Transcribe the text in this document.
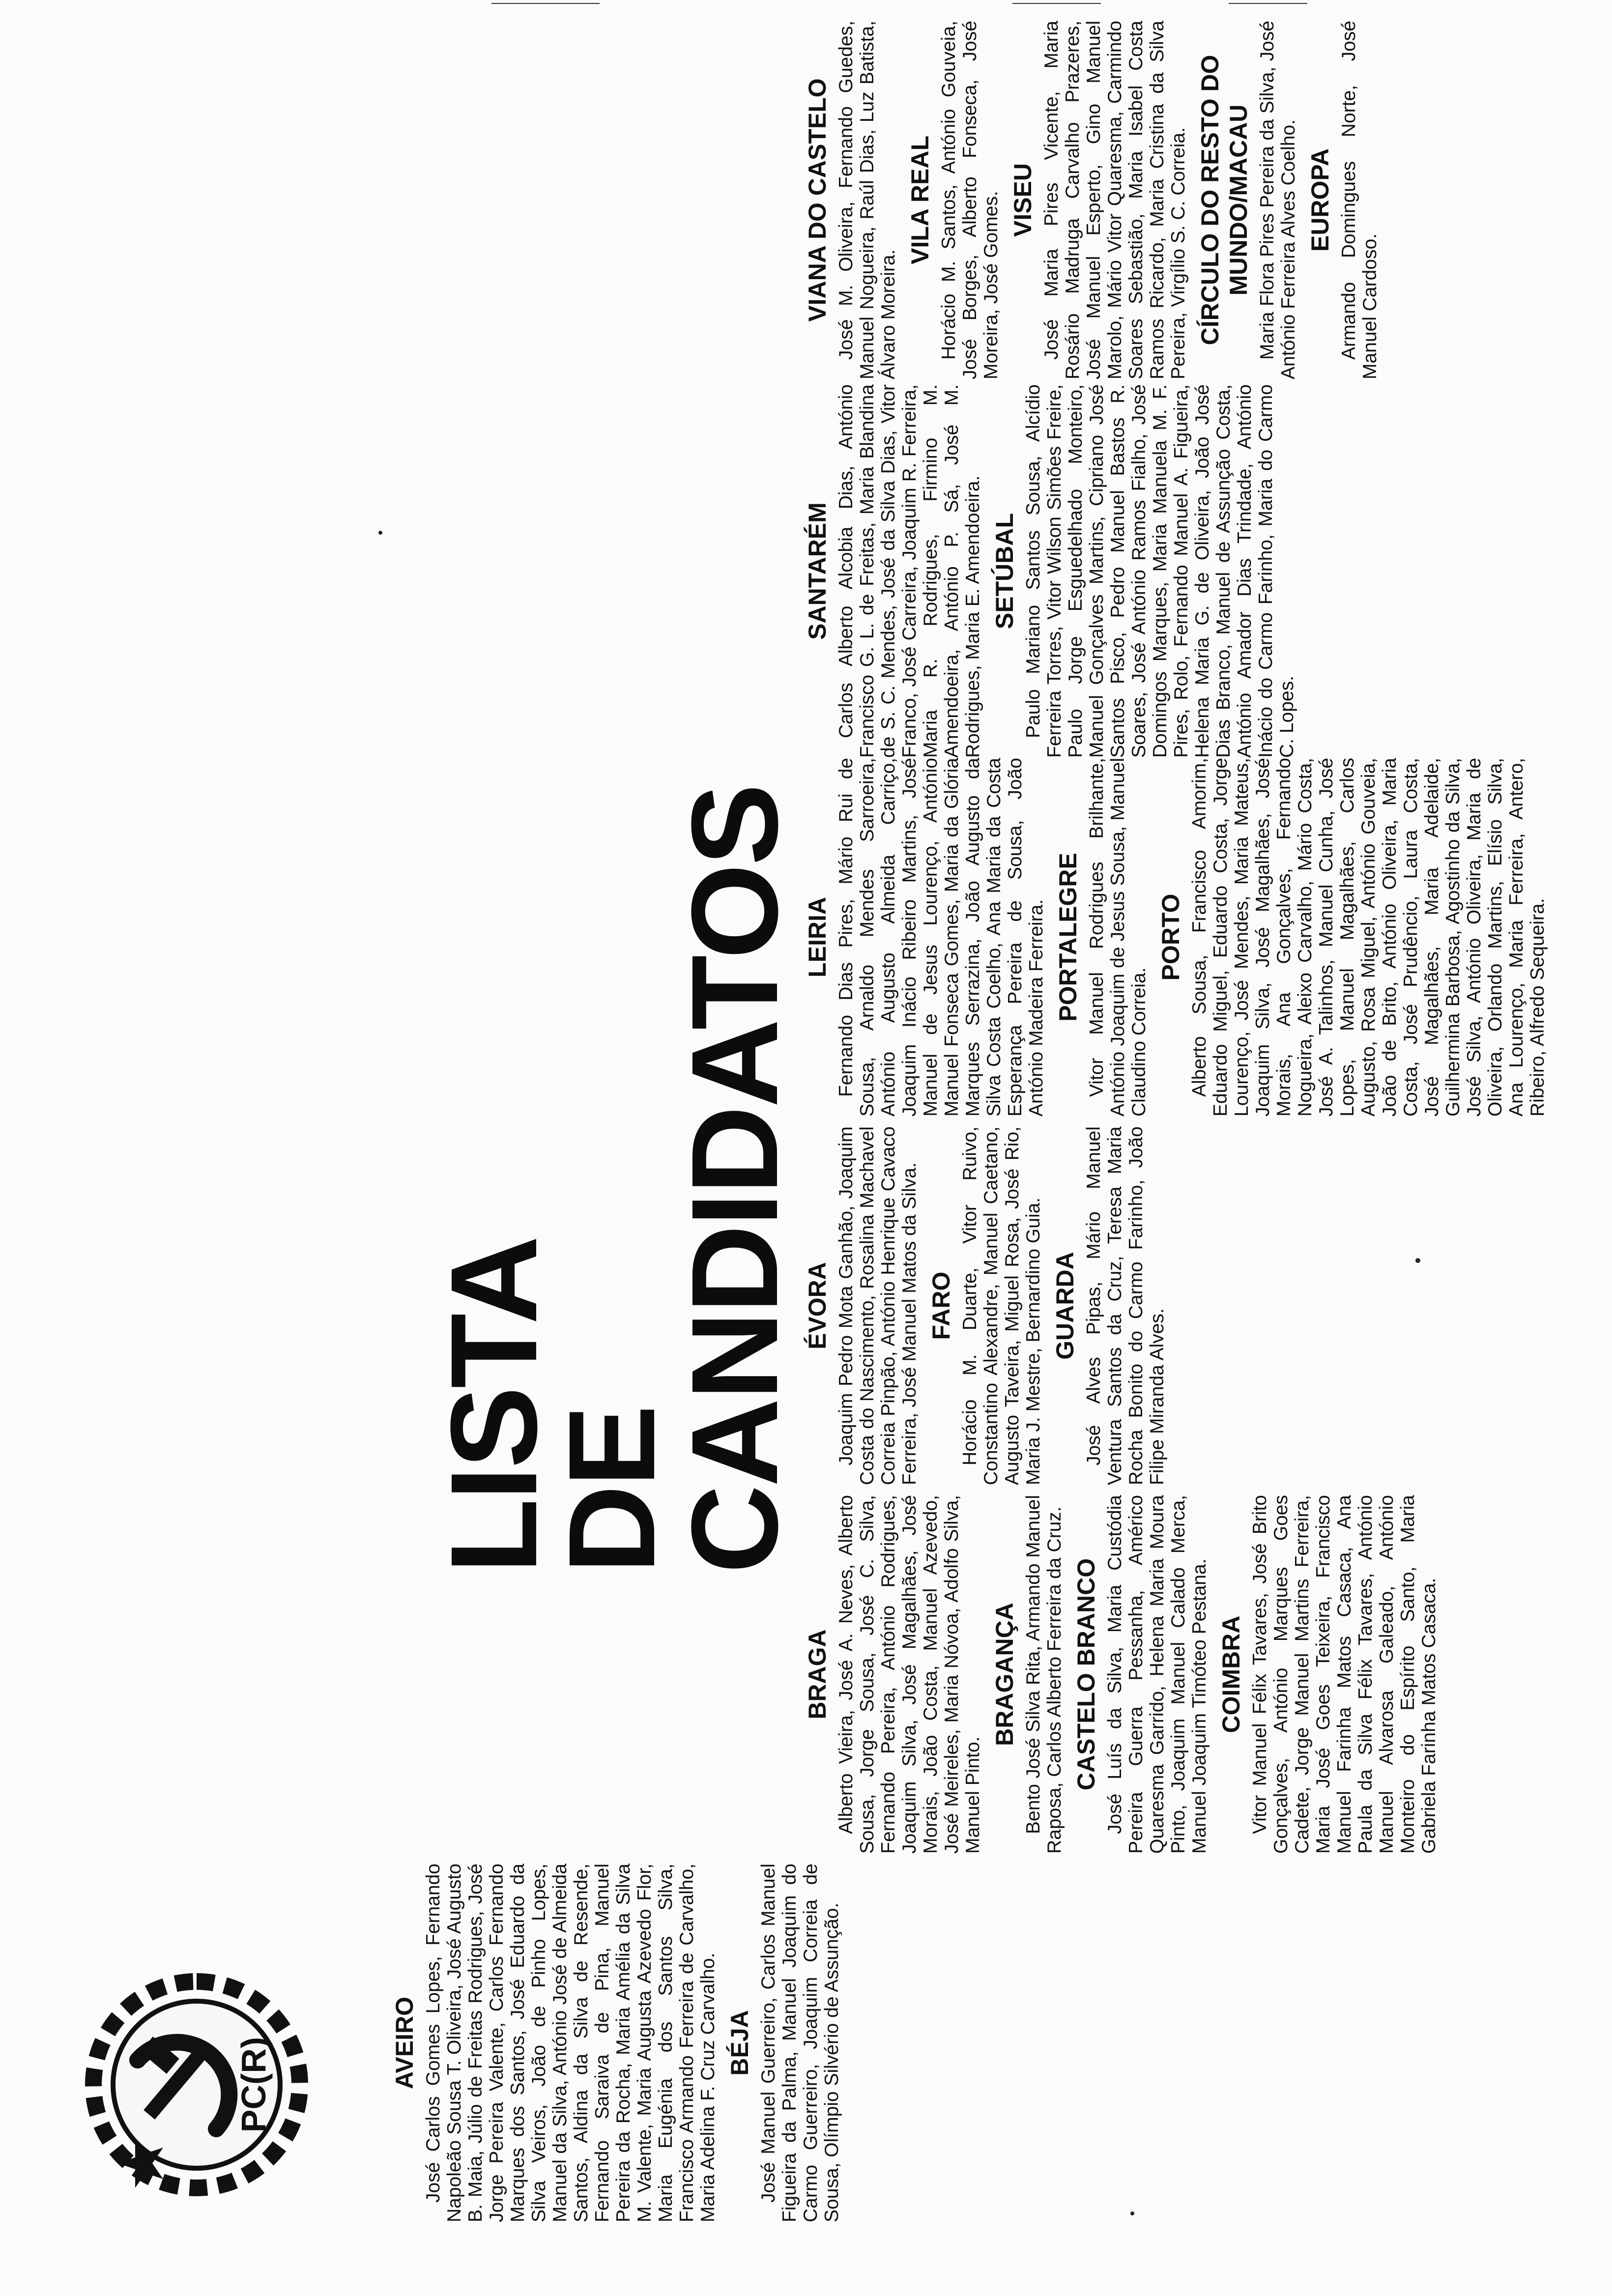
PC(R)
LISTA
DE CANDIDATOS
AVEIRO José Carlos Gomes Lopes, Fernando Napoleão Sousa T. Oliveira, José Augusto B. Maia, Júlio de Freitas Rodrigues, José Jorge Pereira Valente, Carlos Fernando Marques dos Santos, José Eduardo da Silva Veiros, João de Pinho Lopes, Manuel da Silva, António José de Almeida Santos, Aldina da Silva de Resende, Fernando Saraiva de Pina, Manuel Pereira da Rocha, Maria Amélia da Silva M. Valente, Maria Augusta Azevedo Flor, Maria Eugénia dos Santos Silva, Francisco Armando Ferreira de Carvalho, Maria Adelina F. Cruz Carvalho. BÉJA José Manuel Guerreiro, Carlos Manuel Figueira da Palma, Manuel Joaquim do Carmo Guerreiro, Joaquim Correia de Sousa, Olímpio Silvério de Assunção.

BRAGA Alberto Vieira, José A. Neves, Alberto Sousa, Jorge Sousa, José C. Silva, Fernando Pereira, António Rodrigues, Joaquim Silva, José Magalhães, José Morais, João Costa, Manuel Azevedo, José Meireles, Maria Nóvoa, Adolfo Silva, Manuel Pinto.

BRAGANÇA Bento José Silva Rita, Armando Manuel Raposa, Carlos Alberto Ferreira da Cruz. CASTELO BRANCO José Luís da Silva, Maria Custódia Pereira Guerra Pessanha, Américo Quaresma Garrido, Helena Maria Moura Pinto, Joaquim Manuel Calado Merca, Manuel Joaquim Timóteo Pestana. COIMBRA Vitor Manuel Félix Tavares, José Brito Gonçalves, António Marques Goes Cadete, Jorge Manuel Martins Ferreira, Maria José Goes Teixeira, Francisco Manuel Farinha Matos Casaca, Ana Paula da Silva Félix Tavares, António Manuel Alvarosa Galeado, António Monteiro do Espírito Santo, Maria Gabriela Farinha Matos Casaca.

ÉVORA Joaquim Pedro Mota Ganhão, Joaquim Costa do Nascimento, Rosalina Machavel Correia Pinpão, António Henrique Cavaco Ferreira, José Manuel Matos da Silva. FARO Horácio M. Duarte, Vitor Ruivo, Constantino Alexandre, Manuel Caetano, Augusto Taveira, Miguel Rosa, José Rio, Maria J. Mestre, Bernardino Guia. GUARDA José Alves Pipas, Mário Manuel Ventura Santos da Cruz, Teresa Maria Rocha Bonito do Carmo Farinho, João Filipe Miranda Alves.

LEIRIA Fernando Dias Pires, Mário Rui de Sousa, Arnaldo Mendes Sarroeira, António Augusto Almeida Carriço, Joaquim Inácio Ribeiro Martins, José Manuel de Jesus Lourenço, António Manuel Fonseca Gomes, Maria da Glória Marques Serrazina, João Augusto da Silva Costa Coelho, Ana Maria da Costa Esperança Pereira de Sousa, João António Madeira Ferreira. PORTALEGRE Vitor Manuel Rodrigues Brilhante, António Joaquim de Jesus Sousa, Manuel Claudino Correia.

PORTO Alberto Sousa, Francisco Amorim, Eduardo Miguel, Eduardo Costa, Jorge Lourenço, José Mendes, Maria Mateus, Joaquim Silva, José Magalhães, José Morais, Ana Gonçalves, Fernando Nogueira, Aleixo Carvalho, Mário Costa, José A. Talinhos, Manuel Cunha, José Lopes, Manuel Magalhães, Carlos Augusto, Rosa Miguel, António Gouveia, João de Brito, António Oliveira, Maria Costa, José Prudêncio, Laura Costa, José Magalhães, Maria Adelaide, Guilhermina Barbosa, Agostinho da Silva, José Silva, António Oliveira, Maria de Oliveira, Orlando Martins, Elísio Silva, Ana Lourenço, Maria Ferreira, Antero, Ribeiro, Alfredo Sequeira.

SANTARÉM Carlos Alberto Alcobia Dias, António Francisco G. L. de Freitas, Maria Blandina de S. C. Mendes, José da Silva Dias, Vitor Franco, José Carreira, Joaquim R. Ferreira, Maria R. Rodrigues, Firmino M. Amendoeira, António P. Sá, José M. Rodrigues, Maria E. Amendoeira. SETÚBAL Paulo Mariano Santos Sousa, Alcídio Ferreira Torres, Vitor Wilson Simões Freire, Paulo Jorge Esguedelhado Monteiro, Manuel Gonçalves Martins, Cipriano José Santos Pisco, Pedro Manuel Bastos R. Soares, José António Ramos Fialho, José Domingos Marques, Maria Manuela M. F. Pires, Rolo, Fernando Manuel A. Figueira, Helena Maria G. de Oliveira, João José Dias Branco, Manuel de Assunção Costa, António Amador Dias Trindade, António Inácio do Carmo Farinho, Maria do Carmo C. Lopes.

VIANA DO CASTELO José M. Oliveira, Fernando Guedes, Manuel Nogueira, Raúl Dias, Luz Batista, Álvaro Moreira.

VILA REAL Horácio M. Santos, António Gouveia, José Borges, Alberto Fonseca, José Moreira, José Gomes. VISEU José Maria Pires Vicente, Maria Rosário Madruga Carvalho Prazeres, José Manuel Esperto, Gino Manuel Marolo, Mário Vitor Quaresma, Carmindo Soares Sebastião, Maria Isabel Costa Ramos Ricardo, Maria Cristina da Silva Pereira, Virgílio S. C. Correia. CÍRCULO DO RESTO DO MUNDO/MACAU Maria Flora Pires Pereira da Silva, José António Ferreira Alves Coelho. EUROPA Armando Domingues Norte, José Manuel Cardoso.
